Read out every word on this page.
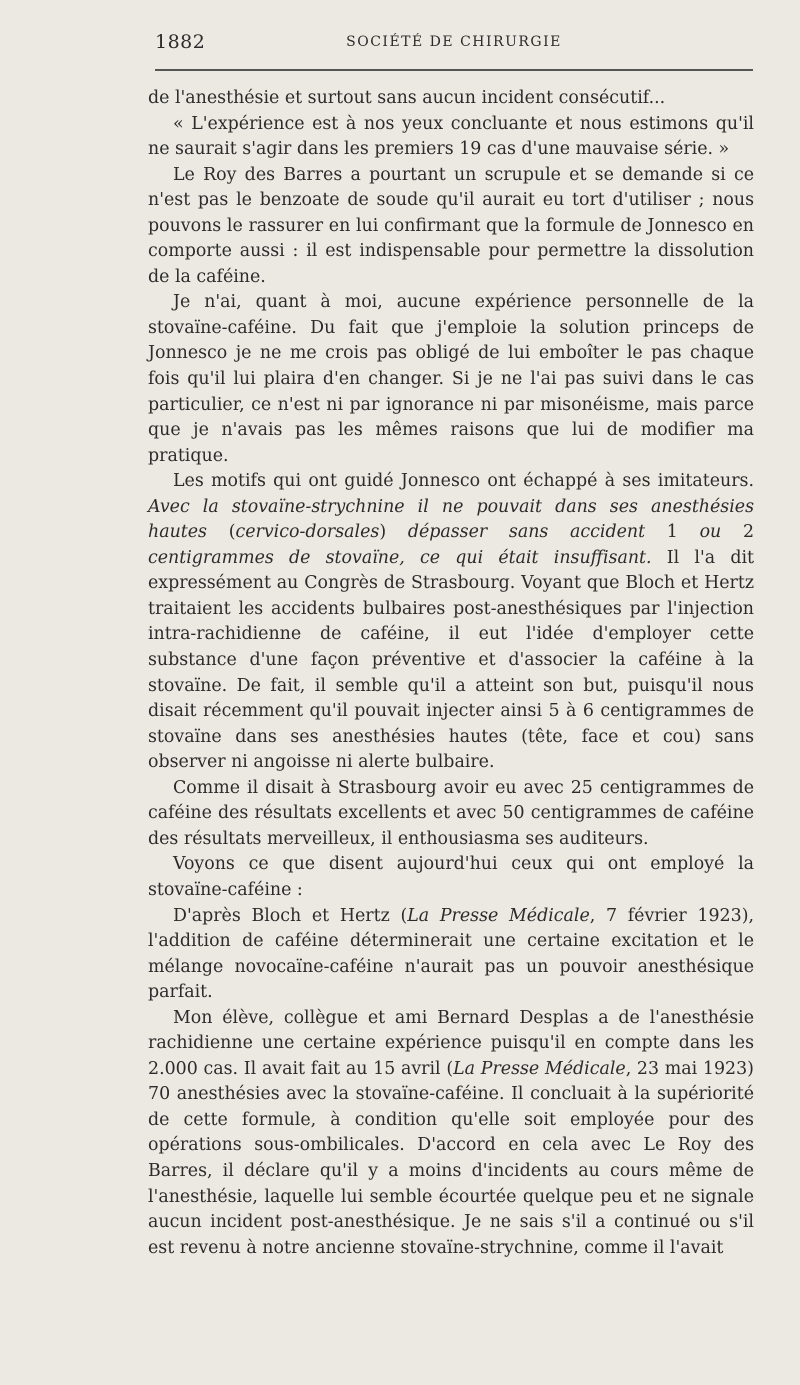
1882	SOCIÉTÉ DE CHIRURGIE

de l'anesthésie et surtout sans aucun incident consécutif...

« L'expérience est à nos yeux concluante et nous estimons qu'il ne saurait s'agir dans les premiers 19 cas d'une mauvaise série. »

Le Roy des Barres a pourtant un scrupule et se demande si ce n'est pas le benzoate de soude qu'il aurait eu tort d'utiliser ; nous pouvons le rassurer en lui confirmant que la formule de Jonnesco en comporte aussi : il est indispensable pour permettre la dissolution de la caféine.

Je n'ai, quant à moi, aucune expérience personnelle de la stovaïne-caféine. Du fait que j'emploie la solution princeps de Jonnesco je ne me crois pas obligé de lui emboîter le pas chaque fois qu'il lui plaira d'en changer. Si je ne l'ai pas suivi dans le cas particulier, ce n'est ni par ignorance ni par misonéisme, mais parce que je n'avais pas les mêmes raisons que lui de modifier ma pratique.

Les motifs qui ont guidé Jonnesco ont échappé à ses imitateurs. Avec la stovaïne-strychnine il ne pouvait dans ses anesthésies hautes (cervico-dorsales) dépasser sans accident 1 ou 2 centigrammes de stovaïne, ce qui était insuffisant. Il l'a dit expressément au Congrès de Strasbourg. Voyant que Bloch et Hertz traitaient les accidents bulbaires post-anesthésiques par l'injection intra-rachidienne de caféine, il eut l'idée d'employer cette substance d'une façon préventive et d'associer la caféine à la stovaïne. De fait, il semble qu'il a atteint son but, puisqu'il nous disait récemment qu'il pouvait injecter ainsi 5 à 6 centigrammes de stovaïne dans ses anesthésies hautes (tête, face et cou) sans observer ni angoisse ni alerte bulbaire.

Comme il disait à Strasbourg avoir eu avec 25 centigrammes de caféine des résultats excellents et avec 50 centigrammes de caféine des résultats merveilleux, il enthousiasma ses auditeurs.

Voyons ce que disent aujourd'hui ceux qui ont employé la stovaïne-caféine :

D'après Bloch et Hertz (La Presse Médicale, 7 février 1923), l'addition de caféine déterminerait une certaine excitation et le mélange novocaïne-caféine n'aurait pas un pouvoir anesthésique parfait.

Mon élève, collègue et ami Bernard Desplas a de l'anesthésie rachidienne une certaine expérience puisqu'il en compte dans les 2.000 cas. Il avait fait au 15 avril (La Presse Médicale, 23 mai 1923) 70 anesthésies avec la stovaïne-caféine. Il concluait à la supériorité de cette formule, à condition qu'elle soit employée pour des opérations sous-ombilicales. D'accord en cela avec Le Roy des Barres, il déclare qu'il y a moins d'incidents au cours même de l'anesthésie, laquelle lui semble écourtée quelque peu et ne signale aucun incident post-anesthésique. Je ne sais s'il a continué ou s'il est revenu à notre ancienne stovaïne-strychnine, comme il l'avait
